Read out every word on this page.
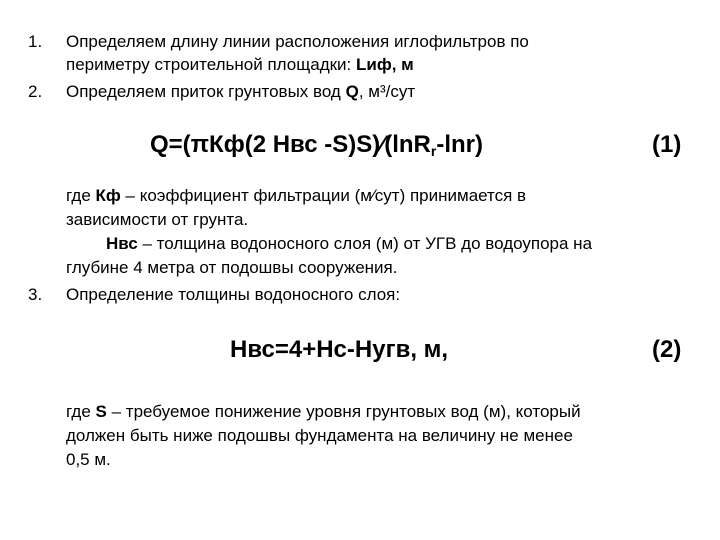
1. Определяем длину линии расположения иглофильтров по
периметру строительной площадки: Lиф, м
2. Определяем приток грунтовых вод Q, м³/сут
Q=(πКф(2 Нвс -S)S)⁄(lnR$_r$-lnr)	(1)
где Кф – коэффициент фильтрации (м⁄сут) принимается в
зависимости от грунта.
Нвс – толщина водоносного слоя (м) от УГВ до водоупора на
глубине 4 метра от подошвы сооружения.
3. Определение толщины водоносного слоя:
Нвс=4+Нс-Нугв, м,	(2)
где S – требуемое понижение уровня грунтовых вод (м), который
должен быть ниже подошвы фундамента на величину не менее
0,5 м.
